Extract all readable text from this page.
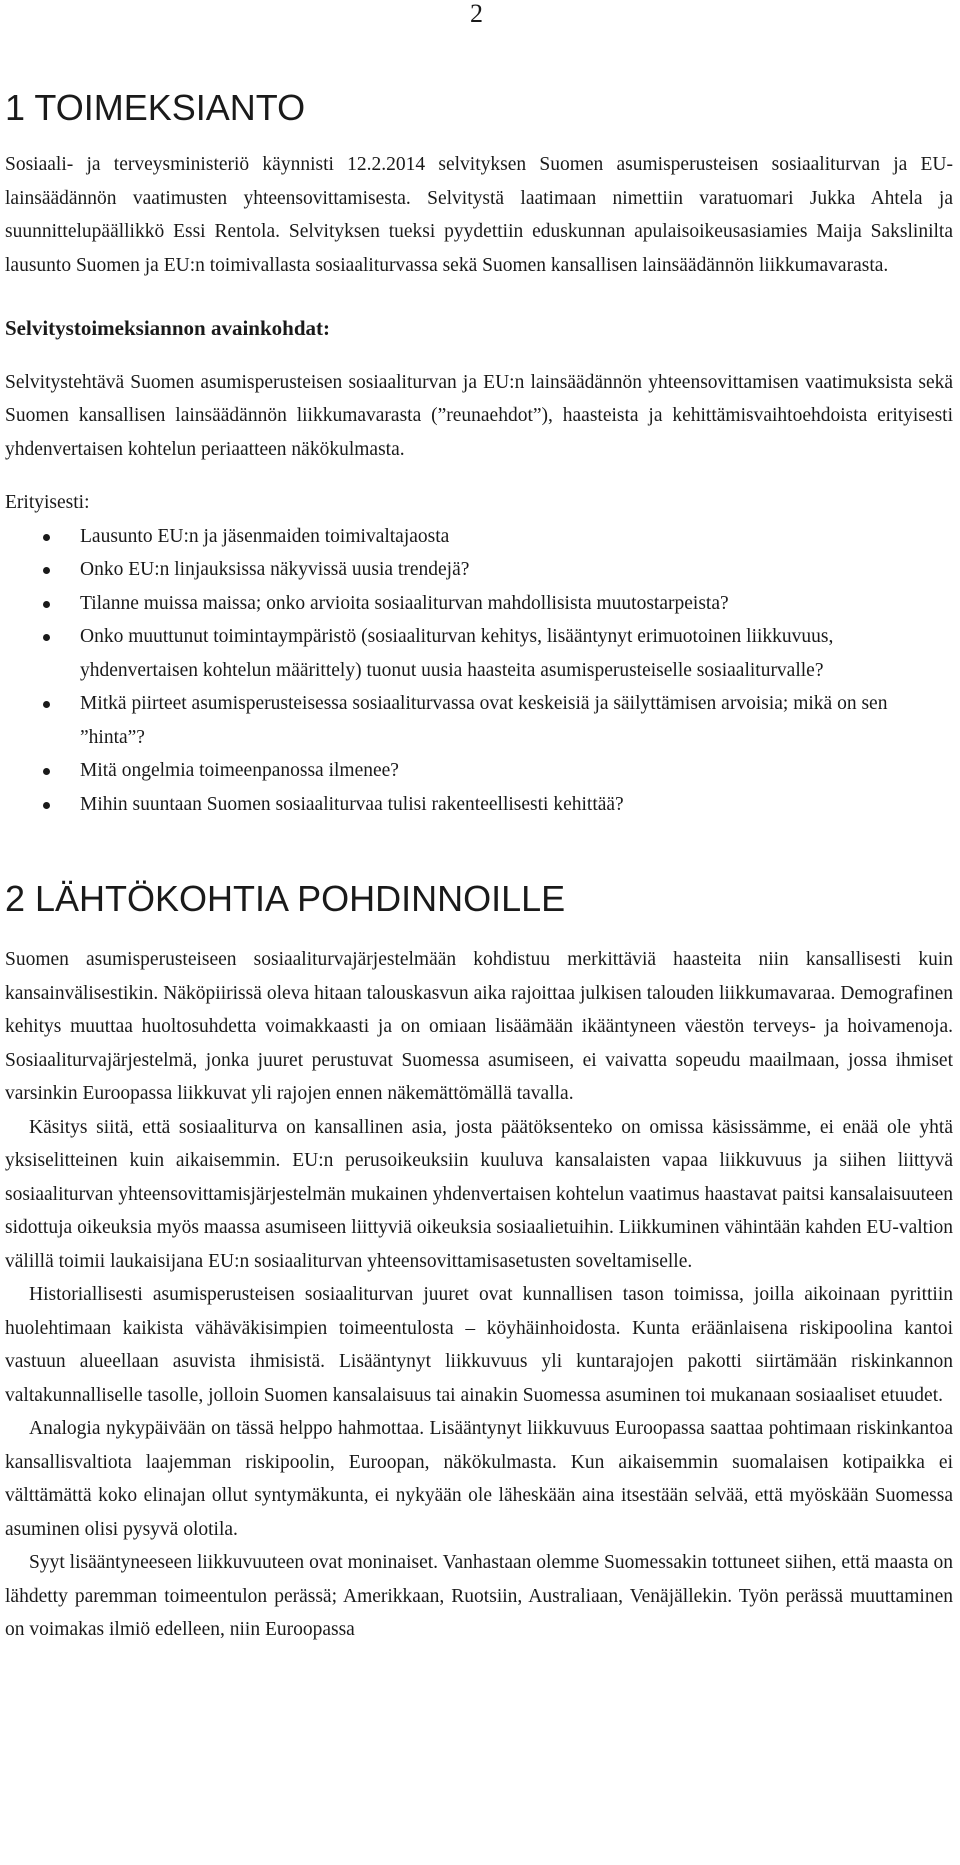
2
1 TOIMEKSIANTO

Sosiaali- ja terveysministeriö käynnisti 12.2.2014 selvityksen Suomen asumisperusteisen sosiaaliturvan ja EU-lainsäädännön vaatimusten yhteensovittamisesta. Selvitystä laatimaan nimettiin varatuomari Jukka Ahtela ja suunnittelupäällikkö Essi Rentola. Selvityksen tueksi pyydettiin eduskunnan apulaisoikeusasiamies Maija Sakslinilta lausunto Suomen ja EU:n toimivallasta sosiaaliturvassa sekä Suomen kansallisen lainsäädännön liikkumavarasta.

Selvitystoimeksiannon avainkohdat:

Selvitystehtävä Suomen asumisperusteisen sosiaaliturvan ja EU:n lainsäädännön yhteensovittamisen vaatimuksista sekä Suomen kansallisen lainsäädännön liikkumavarasta (”reunaehdot”), haasteista ja kehittämisvaihtoehdoista erityisesti yhdenvertaisen kohtelun periaatteen näkökulmasta.

Erityisesti:

Lausunto EU:n ja jäsenmaiden toimivaltajaosta
Onko EU:n linjauksissa näkyvissä uusia trendejä?
Tilanne muissa maissa; onko arvioita sosiaaliturvan mahdollisista muutostarpeista?
Onko muuttunut toimintaympäristö (sosiaaliturvan kehitys, lisääntynyt erimuotoinen liikkuvuus, yhdenvertaisen kohtelun määrittely) tuonut uusia haasteita asumisperusteiselle sosiaaliturvalle?
Mitkä piirteet asumisperusteisessa sosiaaliturvassa ovat keskeisiä ja säilyttämisen arvoisia; mikä on sen ”hinta”?
Mitä ongelmia toimeenpanossa ilmenee?
Mihin suuntaan Suomen sosiaaliturvaa tulisi rakenteellisesti kehittää?
2 LÄHTÖKOHTIA POHDINNOILLE

Suomen asumisperusteiseen sosiaaliturvajärjestelmään kohdistuu merkittäviä haasteita niin kansallisesti kuin kansainvälisestikin. Näköpiirissä oleva hitaan talouskasvun aika rajoittaa julkisen talouden liikkumavaraa. Demografinen kehitys muuttaa huoltosuhdetta voimakkaasti ja on omiaan lisäämään ikääntyneen väestön terveys- ja hoivamenoja. Sosiaaliturvajärjestelmä, jonka juuret perustuvat Suomessa asumiseen, ei vaivatta sopeudu maailmaan, jossa ihmiset varsinkin Euroopassa liikkuvat yli rajojen ennen näkemättömällä tavalla.

Käsitys siitä, että sosiaaliturva on kansallinen asia, josta päätöksenteko on omissa käsissämme, ei enää ole yhtä yksiselitteinen kuin aikaisemmin. EU:n perusoikeuksiin kuuluva kansalaisten vapaa liikkuvuus ja siihen liittyvä sosiaaliturvan yhteensovittamisjärjestelmän mukainen yhdenvertaisen kohtelun vaatimus haastavat paitsi kansalaisuuteen sidottuja oikeuksia myös maassa asumiseen liittyviä oikeuksia sosiaalietuihin. Liikkuminen vähintään kahden EU-valtion välillä toimii laukaisijana EU:n sosiaaliturvan yhteensovittamisasetusten soveltamiselle.

Historiallisesti asumisperusteisen sosiaaliturvan juuret ovat kunnallisen tason toimissa, joilla aikoinaan pyrittiin huolehtimaan kaikista vähäväkisimpien toimeentulosta – köyhäinhoidosta. Kunta eräänlaisena riskipoolina kantoi vastuun alueellaan asuvista ihmisistä. Lisääntynyt liikkuvuus yli kuntarajojen pakotti siirtämään riskinkannon valtakunnalliselle tasolle, jolloin Suomen kansalaisuus tai ainakin Suomessa asuminen toi mukanaan sosiaaliset etuudet.

Analogia nykypäivään on tässä helppo hahmottaa. Lisääntynyt liikkuvuus Euroopassa saattaa pohtimaan riskinkantoa kansallisvaltiota laajemman riskipoolin, Euroopan, näkökulmasta. Kun aikaisemmin suomalaisen kotipaikka ei välttämättä koko elinajan ollut syntymäkunta, ei nykyään ole läheskään aina itsestään selvää, että myöskään Suomessa asuminen olisi pysyvä olotila.

Syyt lisääntyneeseen liikkuvuuteen ovat moninaiset. Vanhastaan olemme Suomessakin tottuneet siihen, että maasta on lähdetty paremman toimeentulon perässä; Amerikkaan, Ruotsiin, Australiaan, Venäjällekin. Työn perässä muuttaminen on voimakas ilmiö edelleen, niin Euroopassa
